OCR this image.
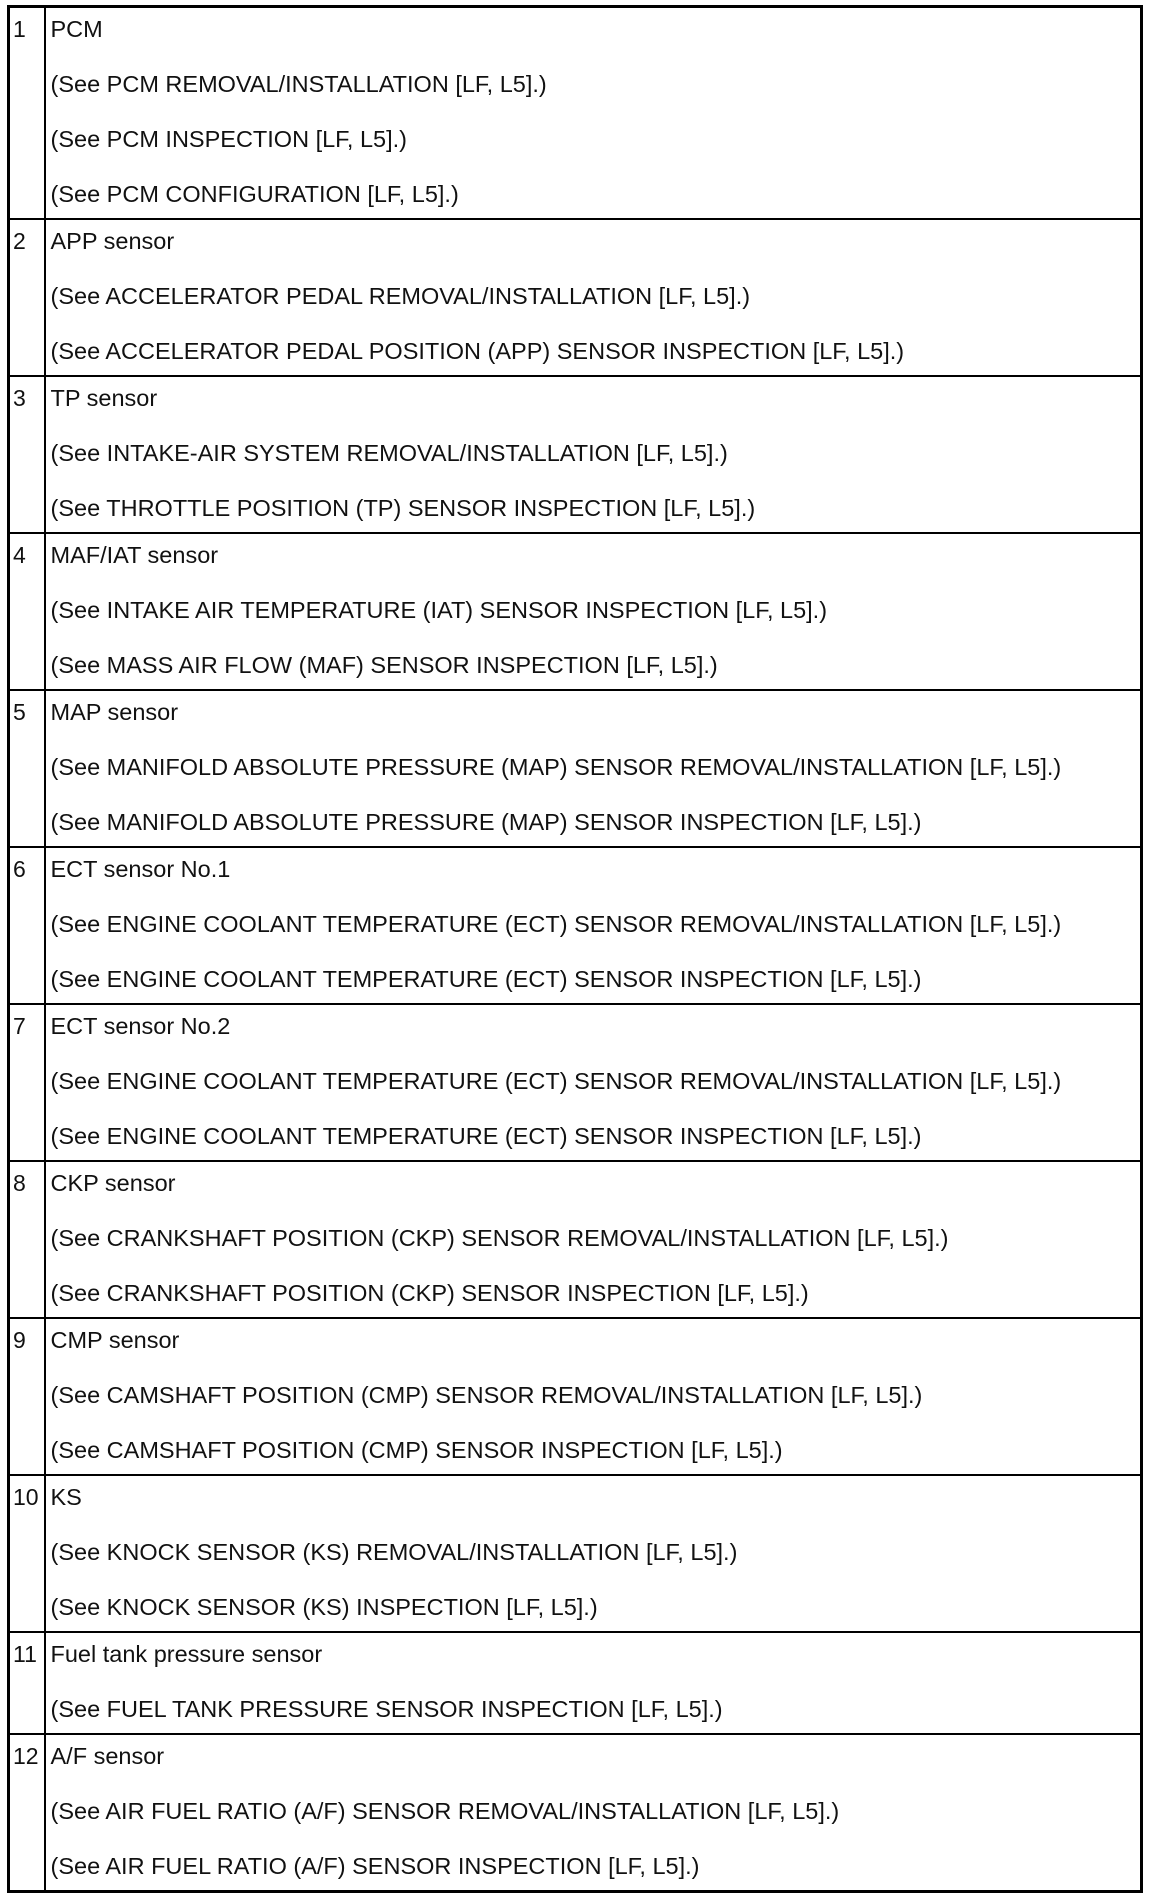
1	PCM
(See PCM REMOVAL/INSTALLATION [LF, L5].)
(See PCM INSPECTION [LF, L5].)
(See PCM CONFIGURATION [LF, L5].)

2	APP sensor
(See ACCELERATOR PEDAL REMOVAL/INSTALLATION [LF, L5].)
(See ACCELERATOR PEDAL POSITION (APP) SENSOR INSPECTION [LF, L5].)

3	TP sensor
(See INTAKE-AIR SYSTEM REMOVAL/INSTALLATION [LF, L5].)
(See THROTTLE POSITION (TP) SENSOR INSPECTION [LF, L5].)

4	MAF/IAT sensor
(See INTAKE AIR TEMPERATURE (IAT) SENSOR INSPECTION [LF, L5].)
(See MASS AIR FLOW (MAF) SENSOR INSPECTION [LF, L5].)

5	MAP sensor
(See MANIFOLD ABSOLUTE PRESSURE (MAP) SENSOR REMOVAL/INSTALLATION [LF, L5].)
(See MANIFOLD ABSOLUTE PRESSURE (MAP) SENSOR INSPECTION [LF, L5].)

6	ECT sensor No.1
(See ENGINE COOLANT TEMPERATURE (ECT) SENSOR REMOVAL/INSTALLATION [LF, L5].)
(See ENGINE COOLANT TEMPERATURE (ECT) SENSOR INSPECTION [LF, L5].)

7	ECT sensor No.2
(See ENGINE COOLANT TEMPERATURE (ECT) SENSOR REMOVAL/INSTALLATION [LF, L5].)
(See ENGINE COOLANT TEMPERATURE (ECT) SENSOR INSPECTION [LF, L5].)

8	CKP sensor
(See CRANKSHAFT POSITION (CKP) SENSOR REMOVAL/INSTALLATION [LF, L5].)
(See CRANKSHAFT POSITION (CKP) SENSOR INSPECTION [LF, L5].)

9	CMP sensor
(See CAMSHAFT POSITION (CMP) SENSOR REMOVAL/INSTALLATION [LF, L5].)
(See CAMSHAFT POSITION (CMP) SENSOR INSPECTION [LF, L5].)

10	KS
(See KNOCK SENSOR (KS) REMOVAL/INSTALLATION [LF, L5].)
(See KNOCK SENSOR (KS) INSPECTION [LF, L5].)

11	Fuel tank pressure sensor
(See FUEL TANK PRESSURE SENSOR INSPECTION [LF, L5].)

12	A/F sensor
(See AIR FUEL RATIO (A/F) SENSOR REMOVAL/INSTALLATION [LF, L5].)
(See AIR FUEL RATIO (A/F) SENSOR INSPECTION [LF, L5].)
